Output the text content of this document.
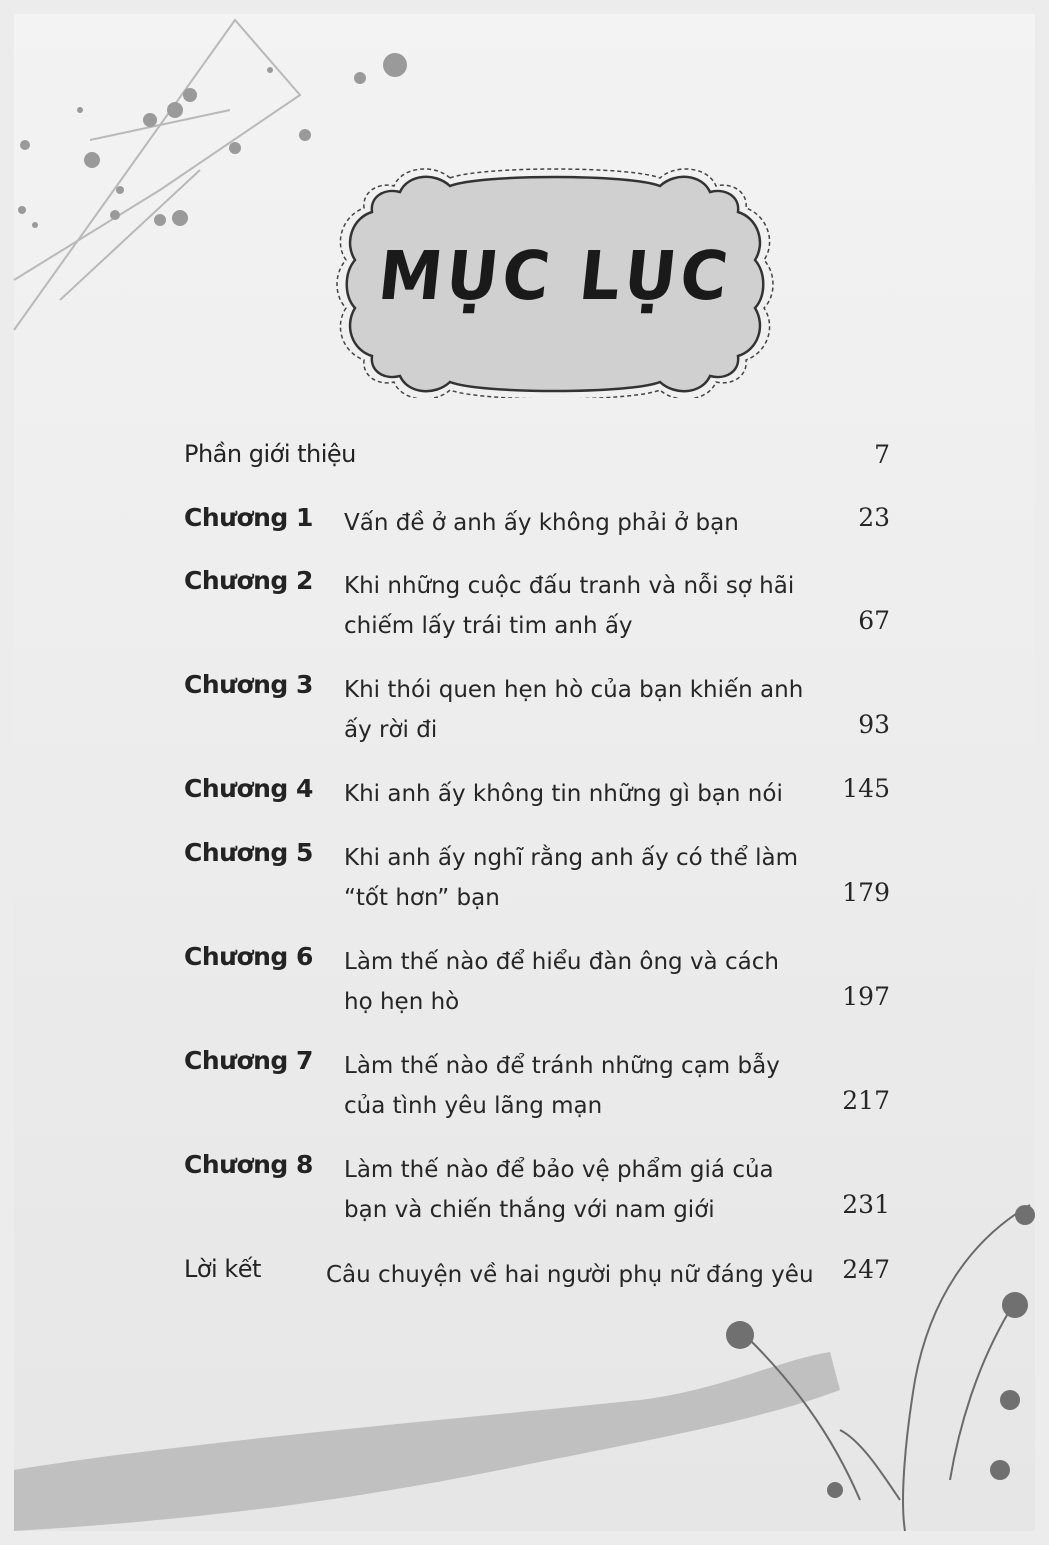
MỤC LỤC
Phần giới thiệu	7
Chương 1 Vấn đề ở anh ấy không phải ở bạn	23
Chương 2 Khi những cuộc đấu tranh và nỗi sợ hãi
chiếm lấy trái tim anh ấy	67
Chương 3 Khi thói quen hẹn hò của bạn khiến anh
ấy rời đi	93
Chương 4 Khi anh ấy không tin những gì bạn nói	145
Chương 5 Khi anh ấy nghĩ rằng anh ấy có thể làm
“tốt hơn” bạn	179
Chương 6 Làm thế nào để hiểu đàn ông và cách
họ hẹn hò	197
Chương 7 Làm thế nào để tránh những cạm bẫy
của tình yêu lãng mạn	217
Chương 8 Làm thế nào để bảo vệ phẩm giá của
bạn và chiến thắng với nam giới	231
Lời kết	Câu chuyện về hai người phụ nữ đáng yêu	247
